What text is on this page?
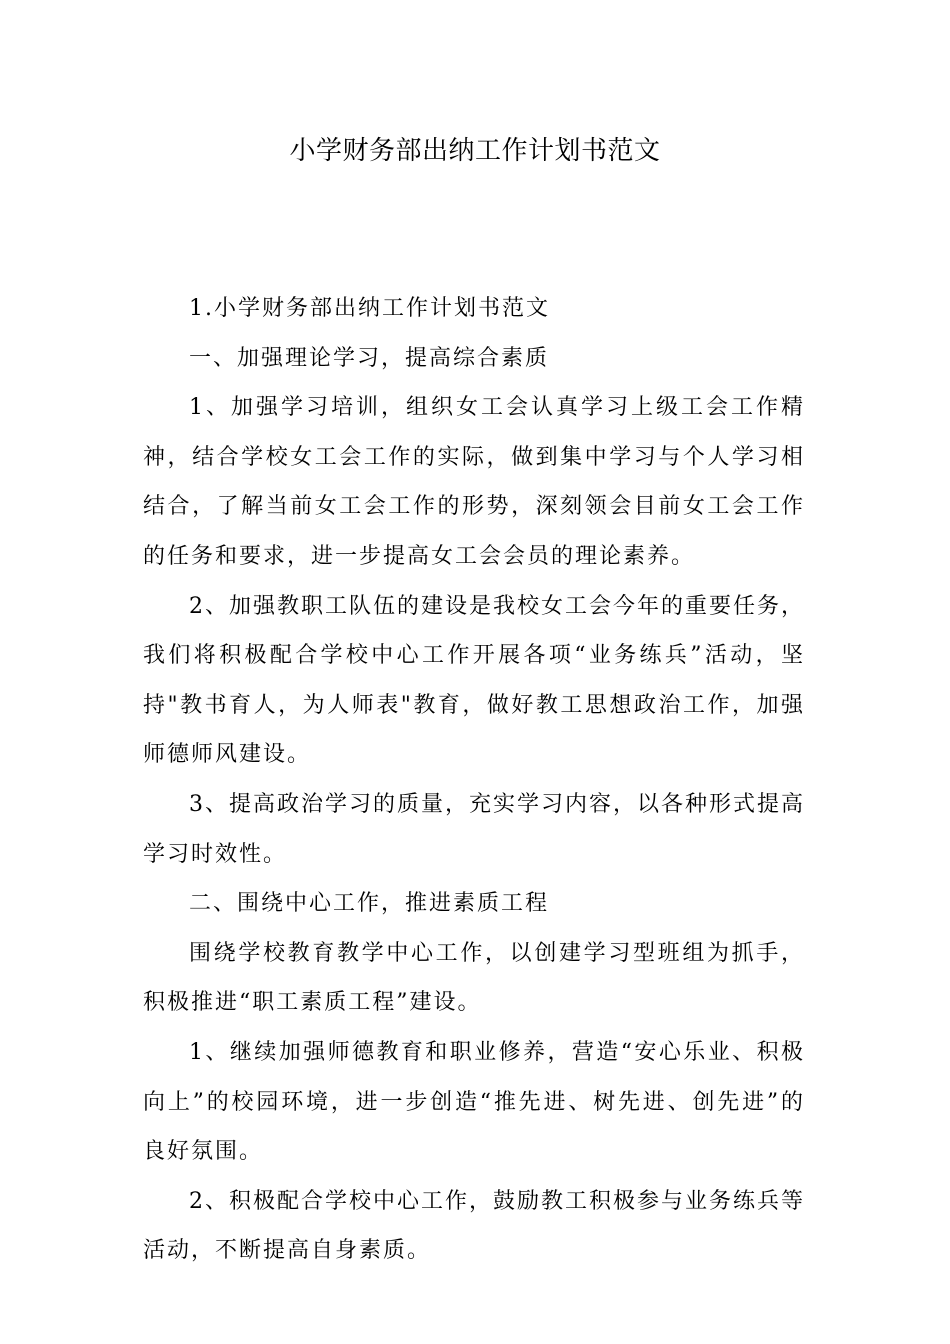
小学财务部出纳工作计划书范文

1.小学财务部出纳工作计划书范文

一、加强理论学习，提高综合素质

1、加强学习培训，组织女工会认真学习上级工会工作精神，结合学校女工会工作的实际，做到集中学习与个人学习相结合，了解当前女工会工作的形势，深刻领会目前女工会工作的任务和要求，进一步提高女工会会员的理论素养。

2、加强教职工队伍的建设是我校女工会今年的重要任务，我们将积极配合学校中心工作开展各项“业务练兵”活动，坚持"教书育人，为人师表"教育，做好教工思想政治工作，加强师德师风建设。

3、提高政治学习的质量，充实学习内容，以各种形式提高学习时效性。

二、围绕中心工作，推进素质工程

围绕学校教育教学中心工作，以创建学习型班组为抓手，积极推进“职工素质工程”建设。

1、继续加强师德教育和职业修养，营造“安心乐业、积极向上”的校园环境，进一步创造“推先进、树先进、创先进”的良好氛围。

2、积极配合学校中心工作，鼓励教工积极参与业务练兵等活动，不断提高自身素质。
